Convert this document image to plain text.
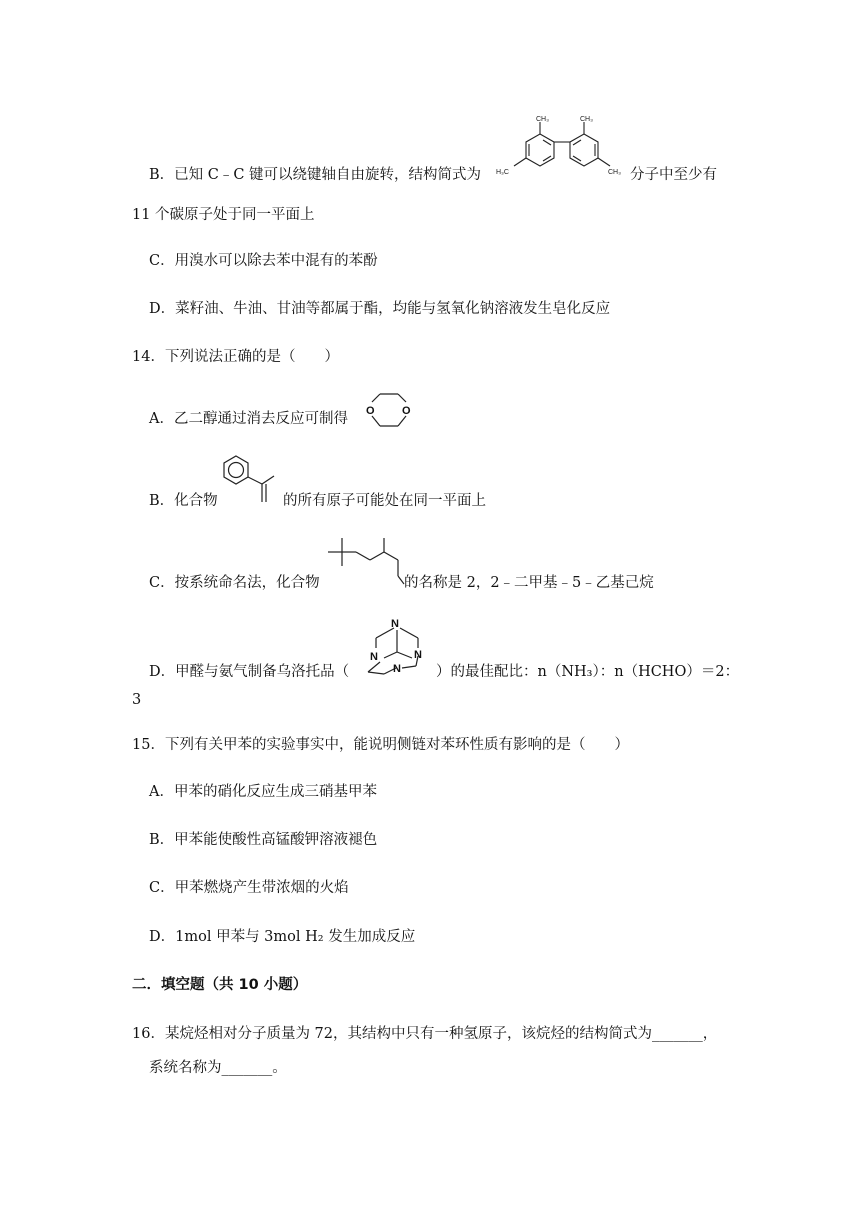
B．已知 C﹣C 键可以绕键轴自由旋转，结构简式为
CH₃	CH₃
H₃C	CH₃ 分子中至少有
11 个碳原子处于同一平面上
C．用溴水可以除去苯中混有的苯酚
D．菜籽油、牛油、甘油等都属于酯，均能与氢氧化钠溶液发生皂化反应
14．下列说法正确的是（　　）
A．乙二醇通过消去反应可制得 O O
B．化合物	的所有原子可能处在同一平面上
C．按系统命名法，化合物	的名称是 2，2﹣二甲基﹣5﹣乙基己烷
D．甲醛与氨气制备乌洛托品（
N
N	N
N ）的最佳配比：n（NH₃）：n（HCHO）＝2：
3
15．下列有关甲苯的实验事实中，能说明侧链对苯环性质有影响的是（　　）
A．甲苯的硝化反应生成三硝基甲苯
B．甲苯能使酸性高锰酸钾溶液褪色
C．甲苯燃烧产生带浓烟的火焰
D．1mol 甲苯与 3mol H₂ 发生加成反应
二．填空题（共 10 小题）
16．某烷烃相对分子质量为 72，其结构中只有一种氢原子，该烷烃的结构简式为_______，
系统名称为_______。
